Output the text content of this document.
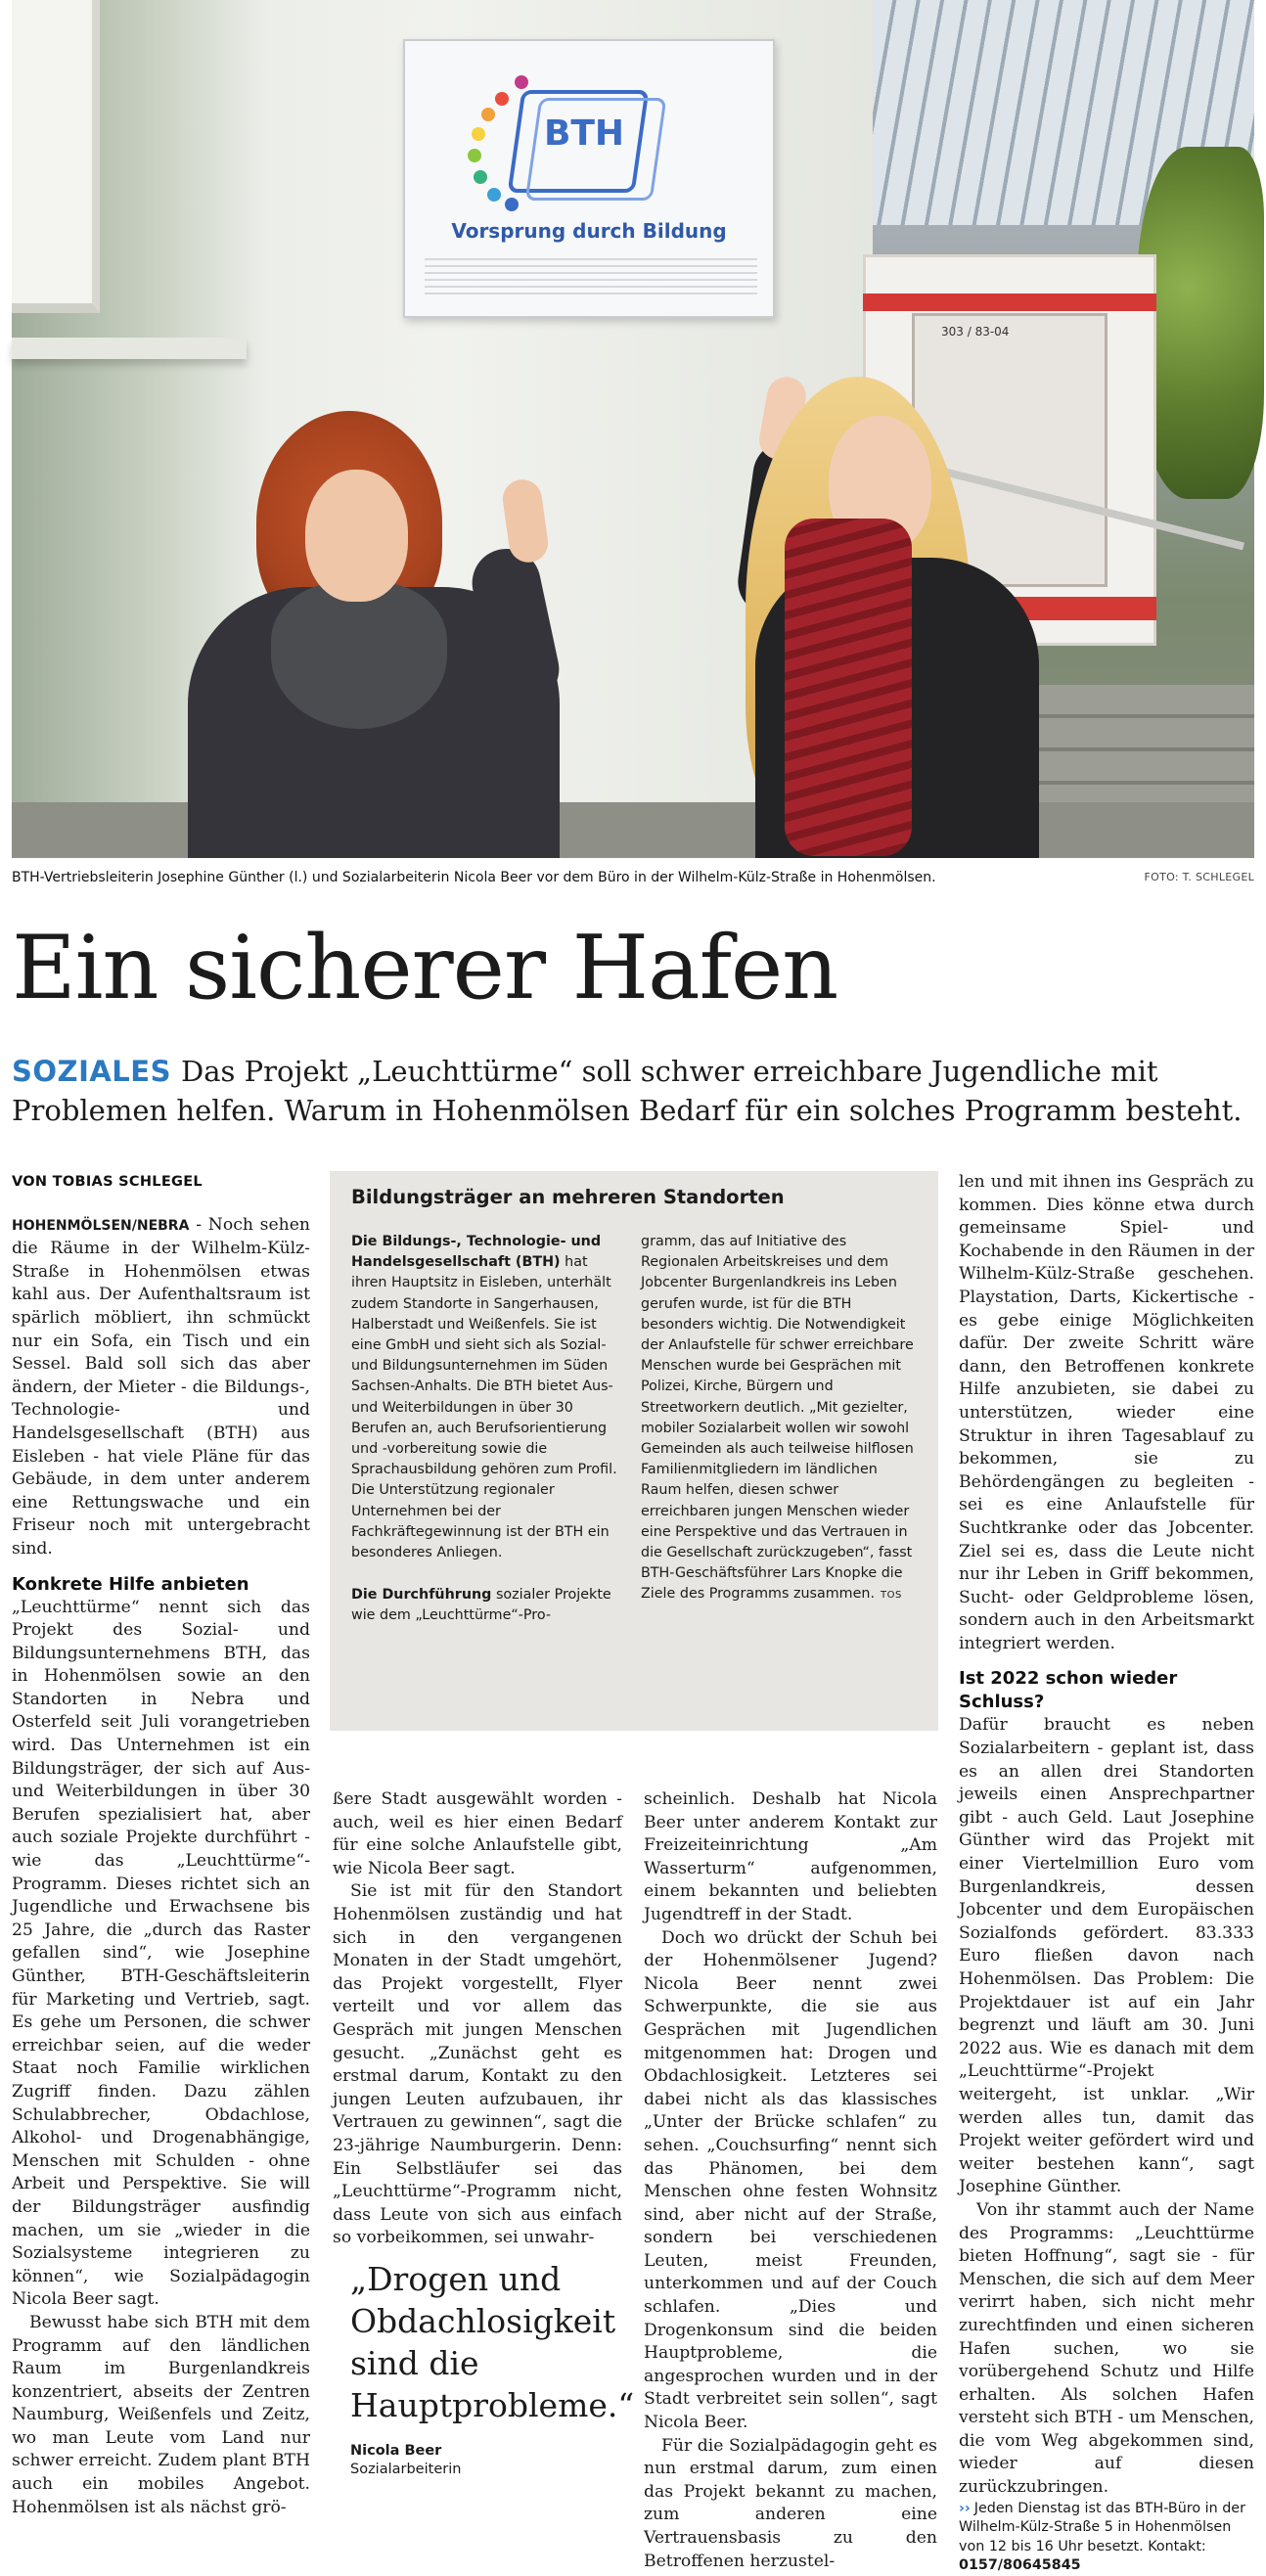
303 / 83-04
BTH
Vorsprung durch Bildung
BTH-Vertriebsleiterin Josephine Günther (l.) und Sozialarbeiterin Nicola Beer vor dem Büro in der Wilhelm-Külz-Straße in Hohenmölsen.	FOTO: T. SCHLEGEL
Ein sicherer Hafen
SOZIALES Das Projekt „Leuchttürme“ soll schwer erreichbare Jugendliche mit Problemen helfen. Warum in Hohenmölsen Bedarf für ein solches Programm besteht.
VON TOBIAS SCHLEGEL

HOHENMÖLSEN/NEBRA - Noch sehen die Räume in der Wilhelm-Külz-Straße in Hohenmölsen etwas kahl aus. Der Aufenthaltsraum ist spärlich möbliert, ihn schmückt nur ein Sofa, ein Tisch und ein Sessel. Bald soll sich das aber ändern, der Mieter - die Bildungs-, Technologie- und Handelsgesellschaft (BTH) aus Eisleben - hat viele Pläne für das Gebäude, in dem unter anderem eine Rettungswache und ein Friseur noch mit untergebracht sind.

Konkrete Hilfe anbieten

„Leuchttürme“ nennt sich das Projekt des Sozial- und Bildungsunternehmens BTH, das in Hohenmölsen sowie an den Standorten in Nebra und Osterfeld seit Juli vorangetrieben wird. Das Unternehmen ist ein Bildungsträger, der sich auf Aus- und Weiterbildungen in über 30 Berufen spezialisiert hat, aber auch soziale Projekte durchführt - wie das „Leuchttürme“-Programm. Dieses richtet sich an Jugendliche und Erwachsene bis 25 Jahre, die „durch das Raster gefallen sind“, wie Josephine Günther, BTH-Geschäftsleiterin für Marketing und Vertrieb, sagt. Es gehe um Personen, die schwer erreichbar seien, auf die weder Staat noch Familie wirklichen Zugriff finden. Dazu zählen Schulabbrecher, Obdachlose, Alkohol- und Drogenabhängige, Menschen mit Schulden - ohne Arbeit und Perspektive. Sie will der Bildungsträger ausfindig machen, um sie „wieder in die Sozialsysteme integrieren zu können“, wie Sozialpädagogin Nicola Beer sagt.

Bewusst habe sich BTH mit dem Programm auf den ländlichen Raum im Burgenlandkreis konzentriert, abseits der Zentren Naumburg, Weißenfels und Zeitz, wo man Leute vom Land nur schwer erreicht. Zudem plant BTH auch ein mobiles Angebot. Hohenmölsen ist als nächst grö-

Bildungsträger an mehreren Standorten

Die Bildungs-, Technologie- und Handelsgesellschaft (BTH) hat ihren Hauptsitz in Eisleben, unterhält zudem Standorte in Sangerhausen, Halberstadt und Weißenfels. Sie ist eine GmbH und sieht sich als Sozial- und Bildungsunternehmen im Süden Sachsen-Anhalts. Die BTH bietet Aus- und Weiterbildungen in über 30 Berufen an, auch Berufsorientierung und -vorbereitung sowie die Sprachausbildung gehören zum Profil. Die Unterstützung regionaler Unternehmen bei der Fachkräftegewinnung ist der BTH ein besonderes Anliegen.

Die Durchführung sozialer Projekte wie dem „Leuchttürme“-Pro-

gramm, das auf Initiative des Regionalen Arbeitskreises und dem Jobcenter Burgenlandkreis ins Leben gerufen wurde, ist für die BTH besonders wichtig. Die Notwendigkeit der Anlaufstelle für schwer erreichbare Menschen wurde bei Gesprächen mit Polizei, Kirche, Bürgern und Streetworkern deutlich. „Mit gezielter, mobiler Sozialarbeit wollen wir sowohl Gemeinden als auch teilweise hilflosen Familienmitgliedern im ländlichen Raum helfen, diesen schwer erreichbaren jungen Menschen wieder eine Perspektive und das Vertrauen in die Gesellschaft zurückzugeben“, fasst BTH-Geschäftsführer Lars Knopke die Ziele des Programms zusammen. TOS

ßere Stadt ausgewählt worden - auch, weil es hier einen Bedarf für eine solche Anlaufstelle gibt, wie Nicola Beer sagt.

Sie ist mit für den Standort Hohenmölsen zuständig und hat sich in den vergangenen Monaten in der Stadt umgehört, das Projekt vorgestellt, Flyer verteilt und vor allem das Gespräch mit jungen Menschen gesucht. „Zunächst geht es erstmal darum, Kontakt zu den jungen Leuten aufzubauen, ihr Vertrauen zu gewinnen“, sagt die 23-jährige Naumburgerin. Denn: Ein Selbstläufer sei das „Leuchttürme“-Programm nicht, dass Leute von sich aus einfach so vorbeikommen, sei unwahr-

„Drogen und Obdachlosigkeit sind die Hauptprobleme.“
Nicola Beer
Sozialarbeiterin

scheinlich. Deshalb hat Nicola Beer unter anderem Kontakt zur Freizeiteinrichtung „Am Wasserturm“ aufgenommen, einem bekannten und beliebten Jugendtreff in der Stadt.

Doch wo drückt der Schuh bei der Hohenmölsener Jugend? Nicola Beer nennt zwei Schwerpunkte, die sie aus Gesprächen mit Jugendlichen mitgenommen hat: Drogen und Obdachlosigkeit. Letzteres sei dabei nicht als das klassisches „Unter der Brücke schlafen“ zu sehen. „Couchsurfing“ nennt sich das Phänomen, bei dem Menschen ohne festen Wohnsitz sind, aber nicht auf der Straße, sondern bei verschiedenen Leuten, meist Freunden, unterkommen und auf der Couch schlafen. „Dies und Drogenkonsum sind die beiden Hauptprobleme, die angesprochen wurden und in der Stadt verbreitet sein sollen“, sagt Nicola Beer.

Für die Sozialpädagogin geht es nun erstmal darum, zum einen das Projekt bekannt zu machen, zum anderen eine Vertrauensbasis zu den Betroffenen herzustel-

len und mit ihnen ins Gespräch zu kommen. Dies könne etwa durch gemeinsame Spiel- und Kochabende in den Räumen in der Wilhelm-Külz-Straße geschehen. Playstation, Darts, Kickertische - es gebe einige Möglichkeiten dafür. Der zweite Schritt wäre dann, den Betroffenen konkrete Hilfe anzubieten, sie dabei zu unterstützen, wieder eine Struktur in ihren Tagesablauf zu bekommen, sie zu Behördengängen zu begleiten - sei es eine Anlaufstelle für Suchtkranke oder das Jobcenter. Ziel sei es, dass die Leute nicht nur ihr Leben in Griff bekommen, Sucht- oder Geldprobleme lösen, sondern auch in den Arbeitsmarkt integriert werden.

Ist 2022 schon wieder Schluss?

Dafür braucht es neben Sozialarbeitern - geplant ist, dass es an allen drei Standorten jeweils einen Ansprechpartner gibt - auch Geld. Laut Josephine Günther wird das Projekt mit einer Viertelmillion Euro vom Burgenlandkreis, dessen Jobcenter und dem Europäischen Sozialfonds gefördert. 83.333 Euro fließen davon nach Hohenmölsen. Das Problem: Die Projektdauer ist auf ein Jahr begrenzt und läuft am 30. Juni 2022 aus. Wie es danach mit dem „Leuchttürme“-Projekt weitergeht, ist unklar. „Wir werden alles tun, damit das Projekt weiter gefördert wird und weiter bestehen kann“, sagt Josephine Günther.

Von ihr stammt auch der Name des Programms: „Leuchttürme bieten Hoffnung“, sagt sie - für Menschen, die sich auf dem Meer verirrt haben, sich nicht mehr zurechtfinden und einen sicheren Hafen suchen, wo sie vorübergehend Schutz und Hilfe erhalten. Als solchen Hafen versteht sich BTH - um Menschen, die vom Weg abgekommen sind, wieder auf diesen zurückzubringen.

›› Jeden Dienstag ist das BTH-Büro in der Wilhelm-Külz-Straße 5 in Hohenmölsen von 12 bis 16 Uhr besetzt. Kontakt: 0157/80645845
